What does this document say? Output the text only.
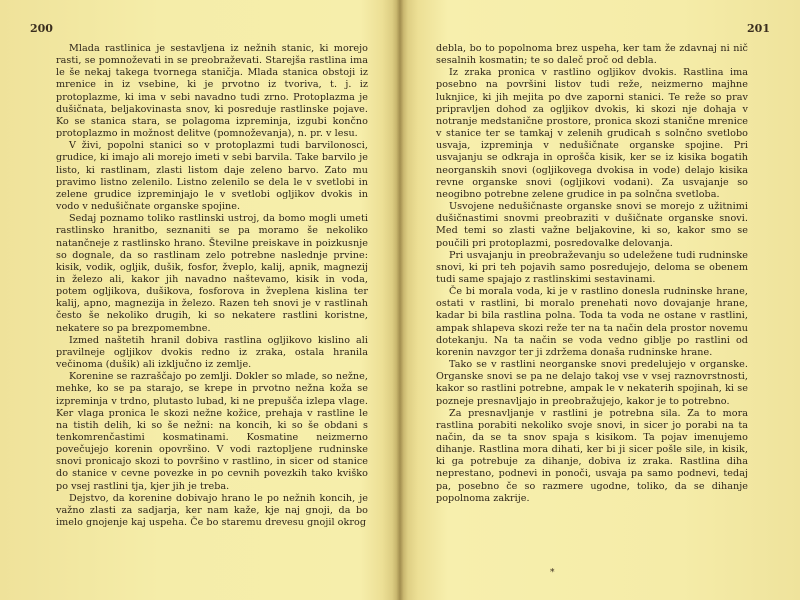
200

Mlada rastlinica je sestavljena iz nežnih stanic, ki morejo rasti, se pomnoževati in se preobraževati. Starejša rastlina ima le še nekaj takega tvornega staničja. Mlada stanica obstoji iz mrenice in iz vsebine, ki je prvotno iz tvoriva, t. j. iz protoplazme, ki ima v sebi navadno tudi zrno. Protoplazma je dušičnata, beljakovinasta snov, ki posreduje rastlinske pojave. Ko se stanica stara, se polagoma izpreminja, izgubi končno protoplazmo in možnost delitve (pomnoževanja), n. pr. v lesu.

V živi, popolni stanici so v protoplazmi tudi barvilonosci, grudice, ki imajo ali morejo imeti v sebi barvila. Take barvilo je listo, ki rastlinam, zlasti listom daje zeleno barvo. Zato mu pravimo listno zelenilo. Listno zelenilo se dela le v svetlobi in zelene grudice izpreminjajo le v svetlobi ogljikov dvokis in vodo v nedušičnate organske spojine.

Sedaj poznamo toliko rastlinski ustroj, da bomo mogli umeti rastlinsko hranitbo, seznaniti se pa moramo še nekoliko natančneje z rastlinsko hrano. Številne preiskave in poizkusnje so dognale, da so rastlinam zelo potrebne naslednje prvine: kisik, vodik, ogljik, dušik, fosfor, žveplo, kalij, apnik, magnezij in železo ali, kakor jih navadno naštevamo, kisik in voda, potem ogljikova, dušikova, fosforova in žveplena kislina ter kalij, apno, magnezija in železo. Razen teh snovi je v rastlinah često še nekoliko drugih, ki so nekatere rastlini koristne, nekatere so pa brezpomembne.

Izmed naštetih hranil dobiva rastlina ogljikovo kislino ali pravilneje ogljikov dvokis redno iz zraka, ostala hranila večinoma (dušik) ali izključno iz zemlje.

Korenine se razraščajo po zemlji. Dokler so mlade, so nežne, mehke, ko se pa starajo, se krepe in prvotno nežna koža se izpreminja v trdno, plutasto lubad, ki ne prepušča izlepa vlage. Ker vlaga pronica le skozi nežne kožice, prehaja v rastline le na tistih delih, ki so še nežni: na koncih, ki so še obdani s tenkomrenčastimi kosmatinami. Kosmatine neizmerno povečujejo korenin opovršino. V vodi raztopljene rudninske snovi pronicajo skozi to površino v rastlino, in sicer od stanice do stanice v cevne povezke in po cevnih povezkih tako kviško po vsej rastlini tja, kjer jih je treba.

Dejstvo, da korenine dobivajo hrano le po nežnih koncih, je važno zlasti za sadjarja, ker nam kaže, kje naj gnoji, da bo imelo gnojenje kaj uspeha. Če bo staremu drevesu gnojil okrog

201

debla, bo to popolnoma brez uspeha, ker tam že zdavnaj ni nič sesalnih kosmatin; te so daleč proč od debla.

Iz zraka pronica v rastlino ogljikov dvokis. Rastlina ima posebno na površini listov tudi reže, neizmerno majhne luknjice, ki jih mejita po dve zaporni stanici. Te reže so prav pripravljen dohod za ogljikov dvokis, ki skozi nje dohaja v notranje medstanične prostore, pronica skozi stanične mrenice v stanice ter se tamkaj v zelenih grudicah s solnčno svetlobo usvaja, izpreminja v nedušičnate organske spojine. Pri usvajanju se odkraja in oprošča kisik, ker se iz kisika bogatih neorganskih snovi (ogljikovega dvokisa in vode) delajo kisika revne organske snovi (ogljikovi vodani). Za usvajanje so neogibno potrebne zelene grudice in pa solnčna svetloba.

Usvojene nedušičnaste organske snovi se morejo z užitnimi dušičnastimi snovmi preobraziti v dušičnate organske snovi. Med temi so zlasti važne beljakovine, ki so, kakor smo se poučili pri protoplazmi, posredovalke delovanja.

Pri usvajanju in preobraževanju so udeležene tudi rudninske snovi, ki pri teh pojavih samo posredujejo, deloma se obenem tudi same spajajo z rastlinskimi sestavinami.

Če bi morala voda, ki je v rastlino donesla rudninske hrane, ostati v rastlini, bi moralo prenehati novo dovajanje hrane, kadar bi bila rastlina polna. Toda ta voda ne ostane v rastlini, ampak shlapeva skozi reže ter na ta način dela prostor novemu dotekanju. Na ta način se voda vedno giblje po rastlini od korenin navzgor ter ji zdržema donaša rudninske hrane.

Tako se v rastlini neorganske snovi predelujejo v organske. Organske snovi se pa ne delajo takoj vse v vsej raznovrstnosti, kakor so rastlini potrebne, ampak le v nekaterih spojinah, ki se pozneje presnavljajo in preobražujejo, kakor je to potrebno.

Za presnavljanje v rastlini je potrebna sila. Za to mora rastlina porabiti nekoliko svoje snovi, in sicer jo porabi na ta način, da se ta snov spaja s kisikom. Ta pojav imenujemo dihanje. Rastlina mora dihati, ker bi ji sicer pošle sile, in kisik, ki ga potrebuje za dihanje, dobiva iz zraka. Rastlina diha neprestano, podnevi in ponoči, usvaja pa samo podnevi, tedaj pa, posebno če so razmere ugodne, toliko, da se dihanje popolnoma zakrije.

*
